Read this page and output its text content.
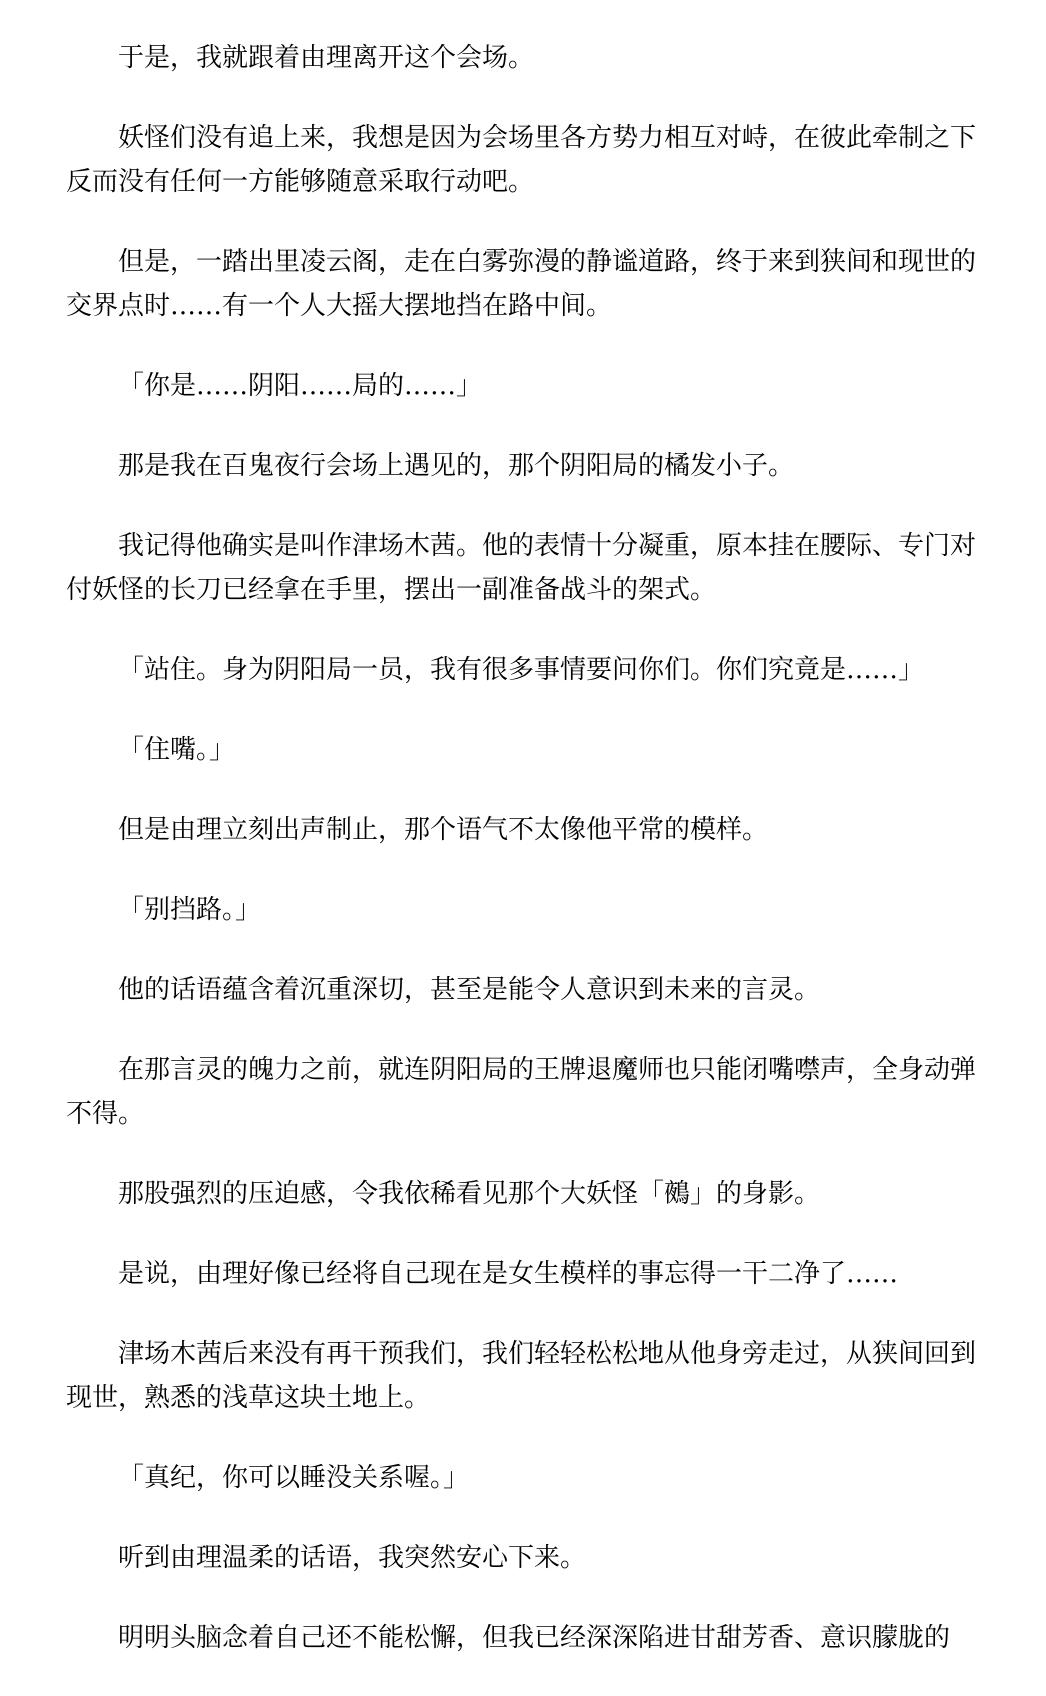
于是，我就跟着由理离开这个会场。

妖怪们没有追上来，我想是因为会场里各方势力相互对峙，在彼此牵制之下反而没有任何一方能够随意采取行动吧。

但是，一踏出里凌云阁，走在白雾弥漫的静谧道路，终于来到狭间和现世的交界点时……有一个人大摇大摆地挡在路中间。

「你是……阴阳……局的……」

那是我在百鬼夜行会场上遇见的，那个阴阳局的橘发小子。

我记得他确实是叫作津场木茜。他的表情十分凝重，原本挂在腰际、专门对付妖怪的长刀已经拿在手里，摆出一副准备战斗的架式。

「站住。身为阴阳局一员，我有很多事情要问你们。你们究竟是……」

「住嘴。」

但是由理立刻出声制止，那个语气不太像他平常的模样。

「别挡路。」

他的话语蕴含着沉重深切，甚至是能令人意识到未来的言灵。

在那言灵的魄力之前，就连阴阳局的王牌退魔师也只能闭嘴噤声，全身动弹不得。

那股强烈的压迫感，令我依稀看见那个大妖怪「鵺」的身影。

是说，由理好像已经将自己现在是女生模样的事忘得一干二净了……

津场木茜后来没有再干预我们，我们轻轻松松地从他身旁走过，从狭间回到现世，熟悉的浅草这块土地上。

「真纪，你可以睡没关系喔。」

听到由理温柔的话语，我突然安心下来。

明明头脑念着自己还不能松懈，但我已经深深陷进甘甜芳香、意识朦胧的
